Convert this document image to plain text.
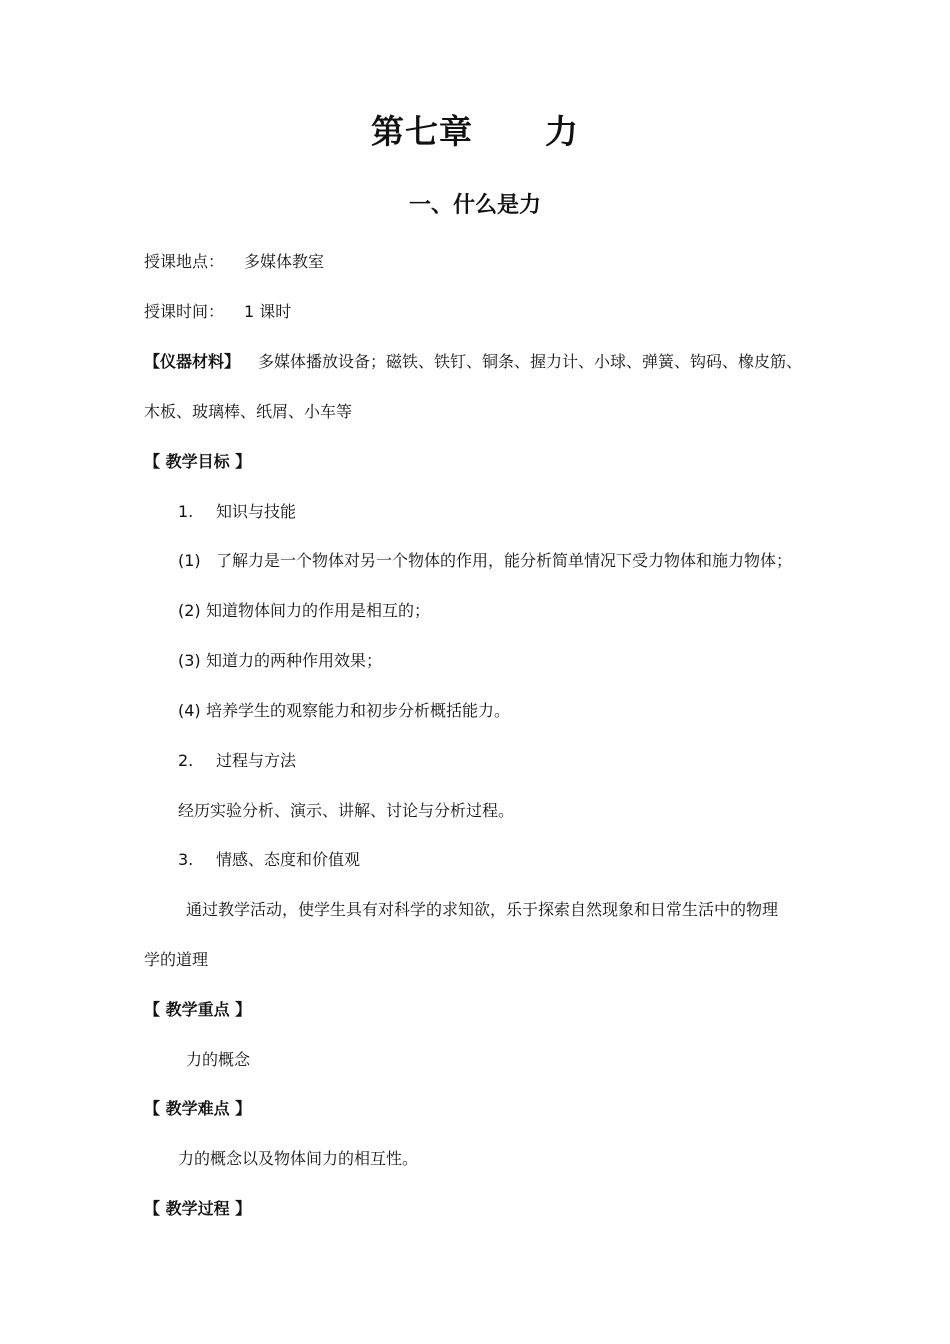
第七章 力
一、什么是力
授课地点： 多媒体教室
授课时间： 1 课时
【仪器材料】 多媒体播放设备；磁铁、铁钉、铜条、握力计、小球、弹簧、钩码、橡皮筋、
木板、玻璃棒、纸屑、小车等
【 教学目标 】
1. 知识与技能
(1) 了解力是一个物体对另一个物体的作用，能分析简单情况下受力物体和施力物体；
(2) 知道物体间力的作用是相互的；
(3) 知道力的两种作用效果；
(4) 培养学生的观察能力和初步分析概括能力。
2. 过程与方法
经历实验分析、演示、讲解、讨论与分析过程。
3. 情感、态度和价值观
通过教学活动，使学生具有对科学的求知欲，乐于探索自然现象和日常生活中的物理
学的道理
【 教学重点 】
力的概念
【 教学难点 】
力的概念以及物体间力的相互性。
【 教学过程 】
